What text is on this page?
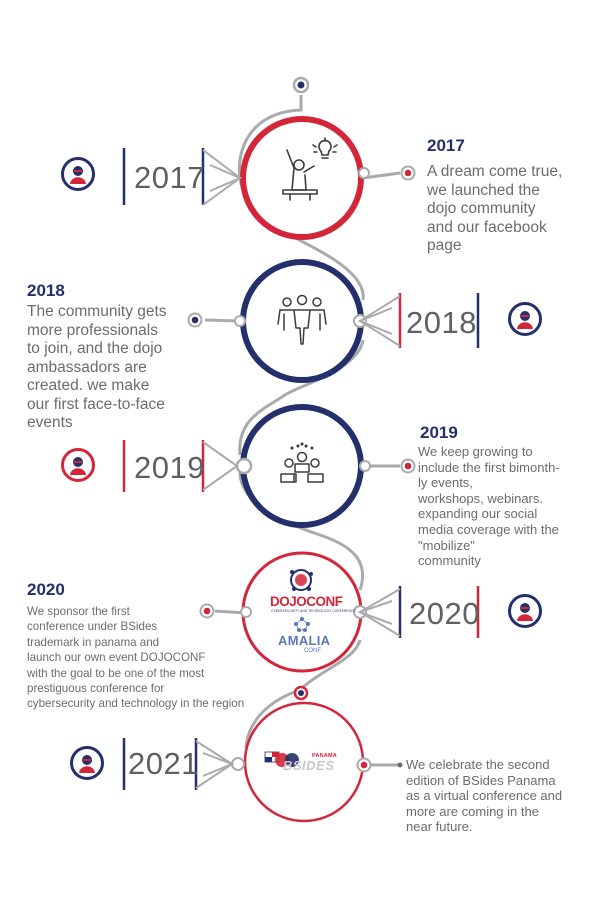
2017
2018
2019
2020
2021
2017
A dream come true,
we launched the
dojo community
and our facebook
page
2018
The community gets
more professionals
to join, and the dojo
ambassadors are
created. we make
our first face-to-face
events
2019
We keep growing to
include the first bimonth-
ly events,
workshops, webinars.
expanding our social
media coverage with the
"mobilize"
community
2020
We sponsor the first
conference under BSides
trademark in panama and
launch our own event DOJOCONF
with the goal to be one of the most
prestiguous conference for
cybersecurity and technology in the region
DOJOCONF
CYBERSECURITY AND TECHNOLOGY CONFERENCE
AMALIA
CONF
BSIDES
PANAMA
We celebrate the second
edition of BSides Panama
as a virtual conference and
more are coming in the
near future.
